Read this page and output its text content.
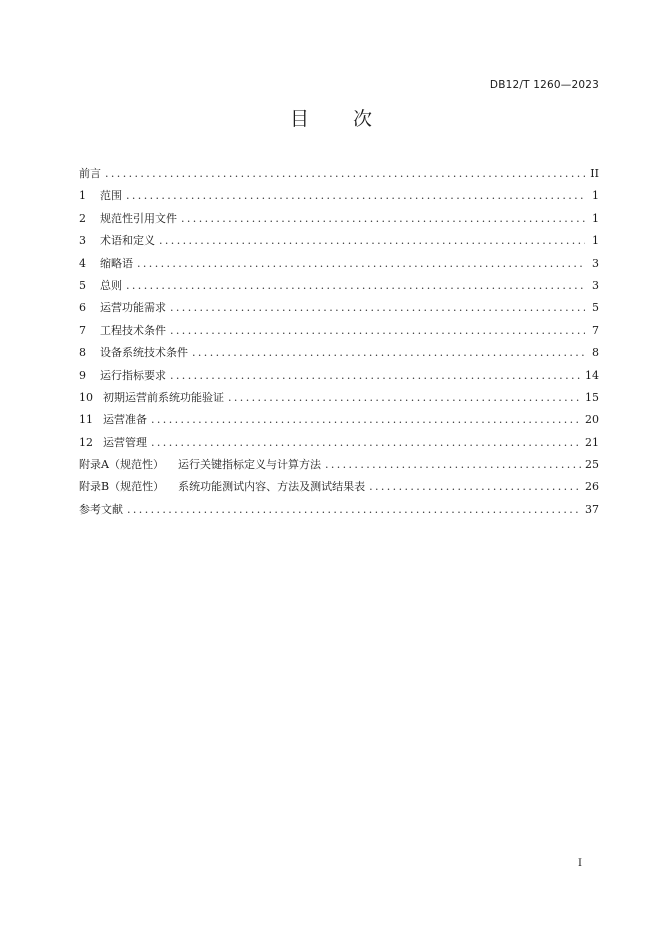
DB12/T 1260—2023
目 次
前言 .....	II
1 范围 .....	1
2 规范性引用文件 .....	1
3 术语和定义 .....	1
4 缩略语 .....	3
5 总则 .....	3
6 运营功能需求 .....	5
7 工程技术条件 .....	7
8 设备系统技术条件 .....	8
9 运行指标要求 .....	14
10 初期运营前系统功能验证 .....	15
11 运营准备 .....	20
12 运营管理 .....	21
附录A（规范性） 运行关键指标定义与计算方法 .....	25
附录B（规范性） 系统功能测试内容、方法及测试结果表 .....	26
参考文献 .....	37
I
